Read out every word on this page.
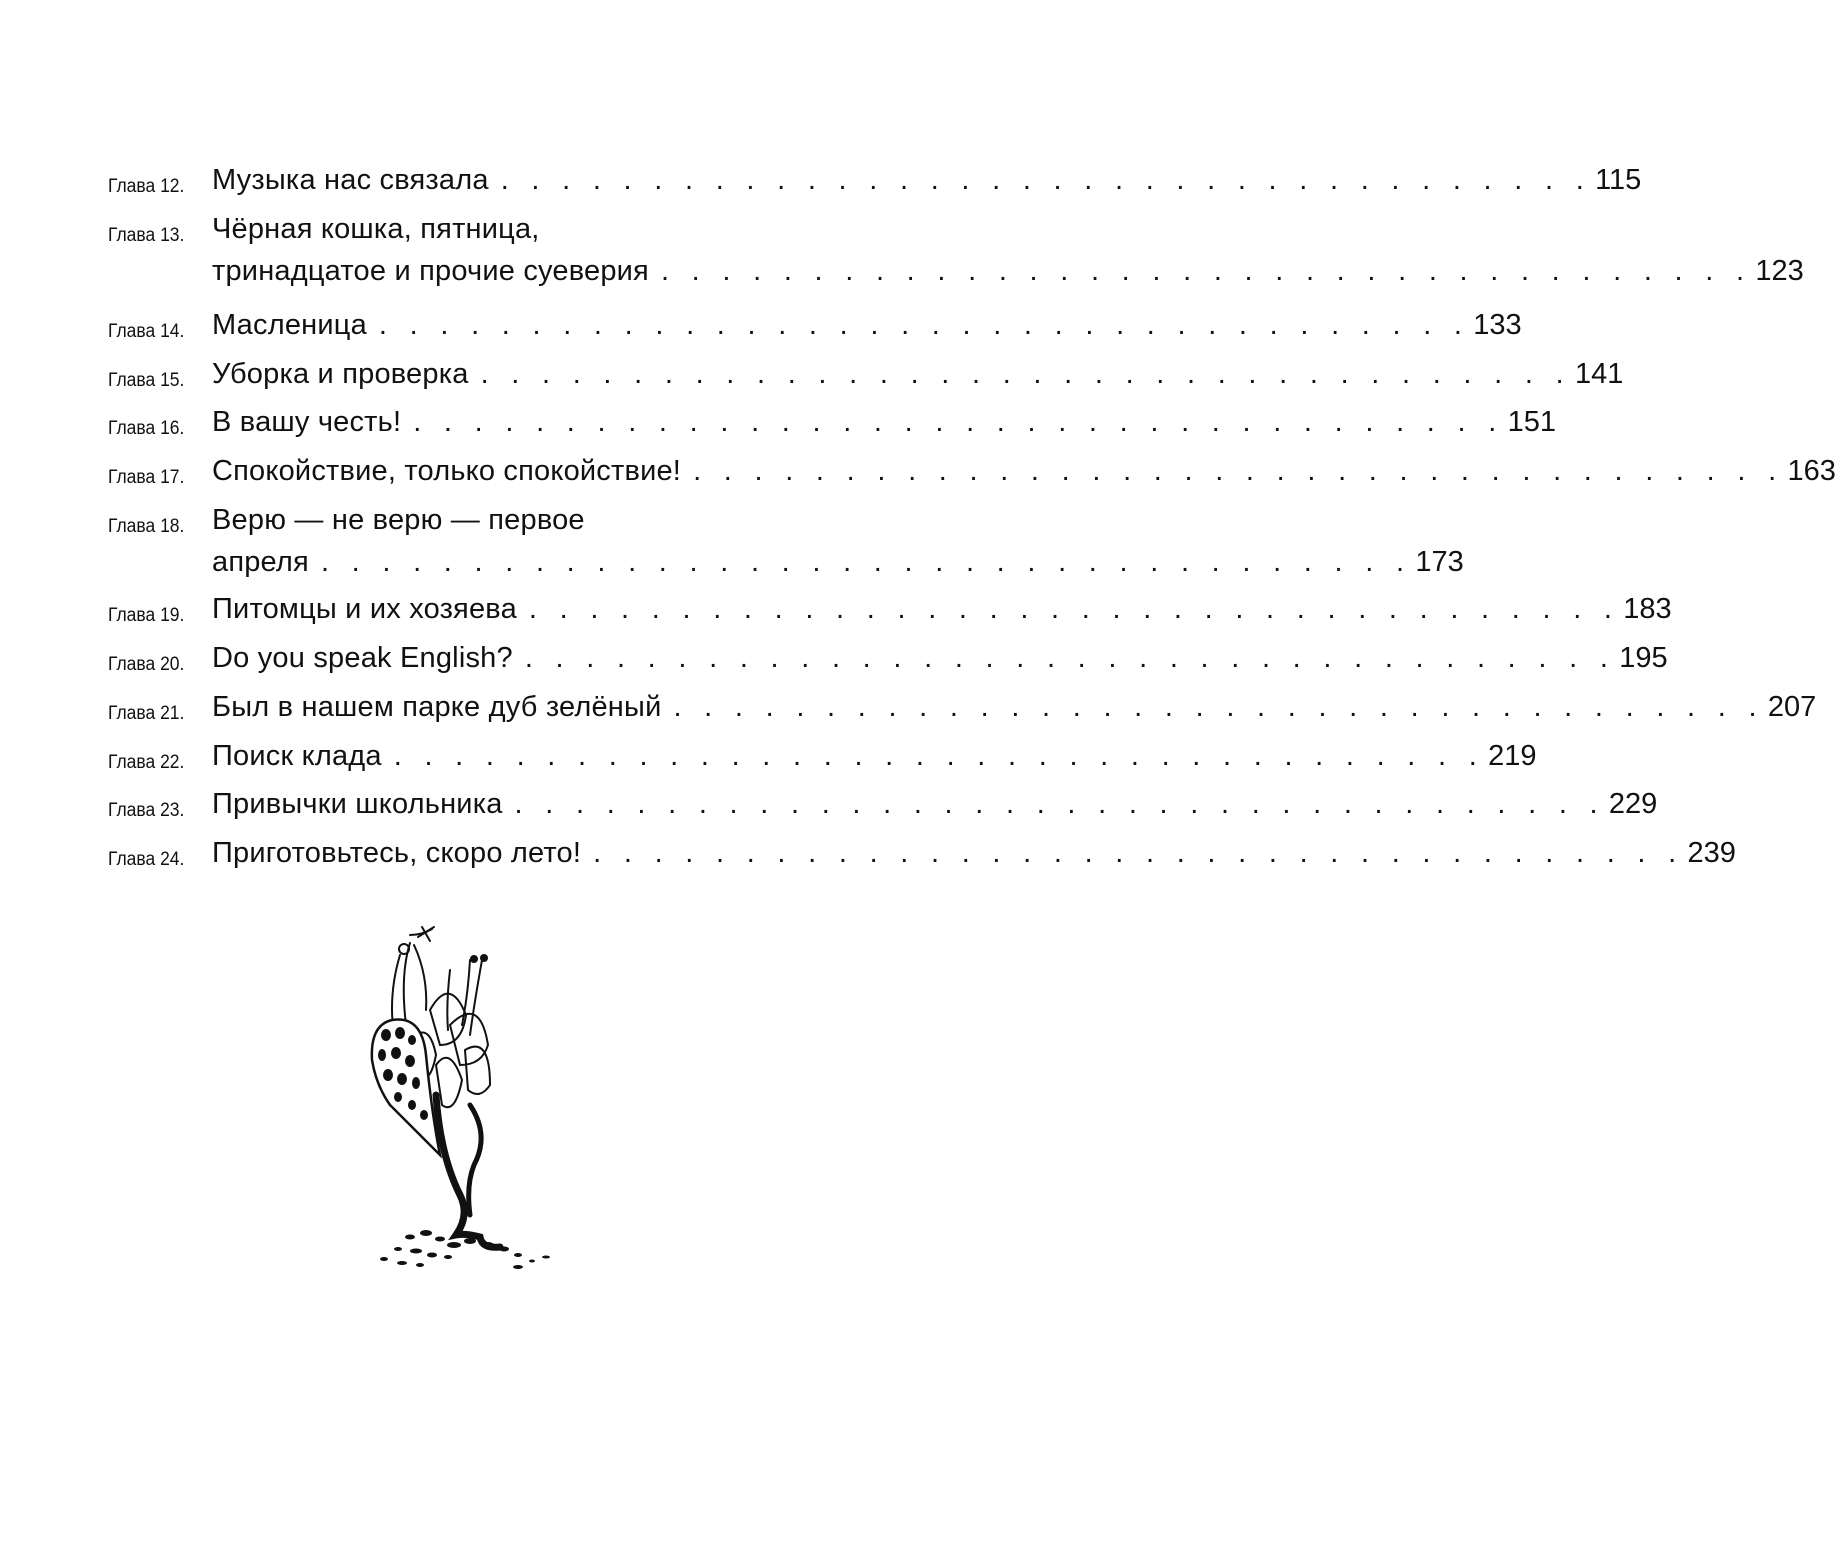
Глава 12. Музыка нас связала . . . . . . . . . . . . . . . . . . . . . . . . . . . . . . . . . . . . 115
Глава 13. Чёрная кошка, пятница,
тринадцатое и прочие суеверия . . . . . . . . . . . . . . . . . . . . . . . . . . . . . . . . . . . . 123
Глава 14. Масленица . . . . . . . . . . . . . . . . . . . . . . . . . . . . . . . . . . . . 133
Глава 15. Уборка и проверка . . . . . . . . . . . . . . . . . . . . . . . . . . . . . . . . . . . . 141
Глава 16. В вашу честь! . . . . . . . . . . . . . . . . . . . . . . . . . . . . . . . . . . . . 151
Глава 17. Спокойствие, только спокойствие! . . . . . . . . . . . . . . . . . . . . . . . . . . . . . . . . . . . . 163
Глава 18. Верю — не верю — первое
апреля . . . . . . . . . . . . . . . . . . . . . . . . . . . . . . . . . . . . 173
Глава 19. Питомцы и их хозяева . . . . . . . . . . . . . . . . . . . . . . . . . . . . . . . . . . . . 183
Глава 20. Do you speak English? . . . . . . . . . . . . . . . . . . . . . . . . . . . . . . . . . . . . 195
Глава 21. Был в нашем парке дуб зелёный . . . . . . . . . . . . . . . . . . . . . . . . . . . . . . . . . . . . 207
Глава 22. Поиск клада . . . . . . . . . . . . . . . . . . . . . . . . . . . . . . . . . . . . 219
Глава 23. Привычки школьника . . . . . . . . . . . . . . . . . . . . . . . . . . . . . . . . . . . . 229
Глава 24. Приготовьтесь, скоро лето! . . . . . . . . . . . . . . . . . . . . . . . . . . . . . . . . . . . . 239
